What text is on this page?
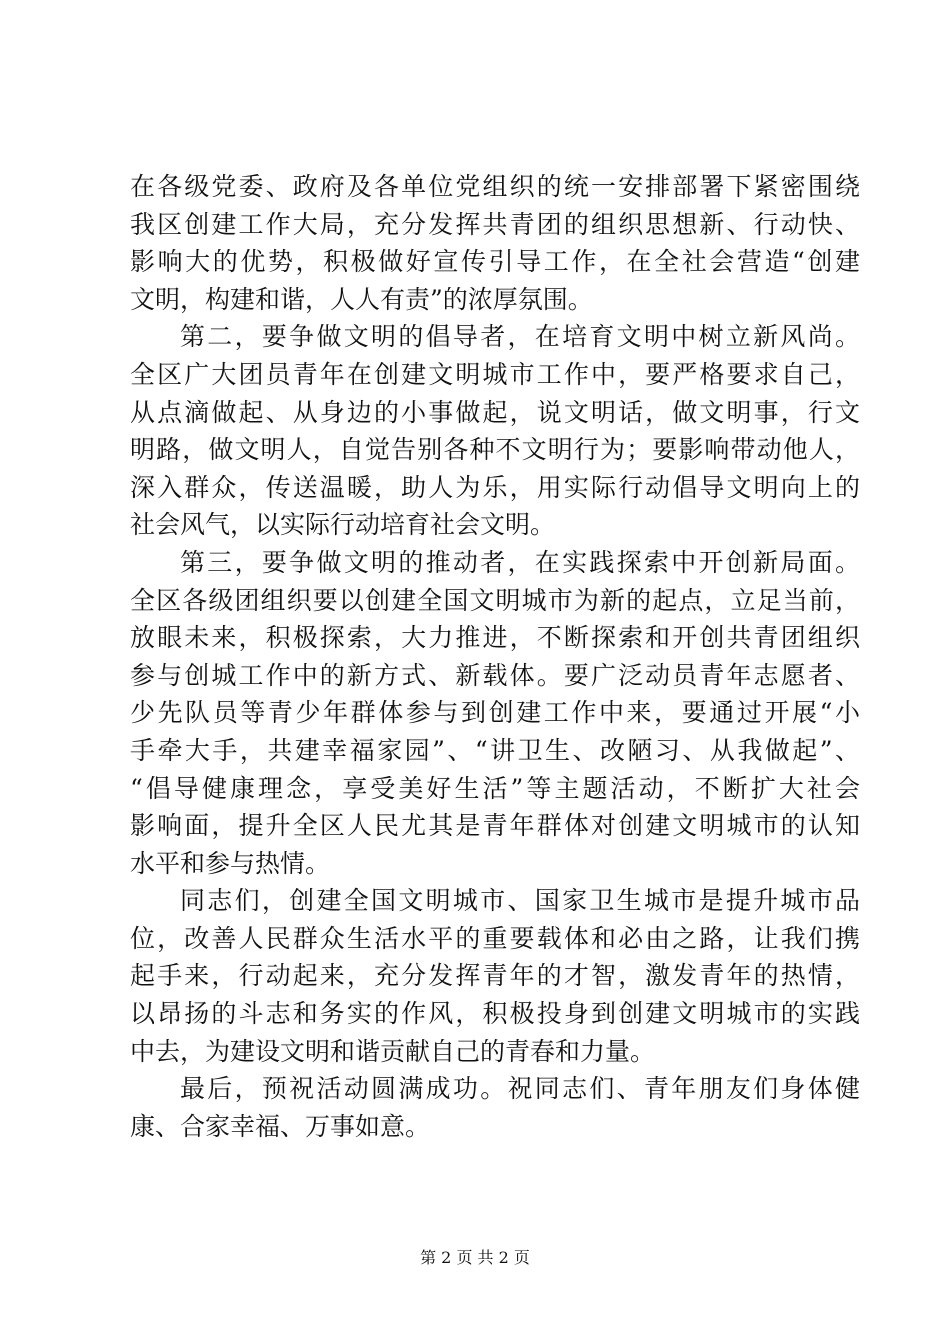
在各级党委、政府及各单位党组织的统一安排部署下紧密围绕
我区创建工作大局，充分发挥共青团的组织思想新、行动快、
影响大的优势，积极做好宣传引导工作，在全社会营造“创建
文明，构建和谐，人人有责”的浓厚氛围。
第二，要争做文明的倡导者，在培育文明中树立新风尚。
全区广大团员青年在创建文明城市工作中，要严格要求自己，
从点滴做起、从身边的小事做起，说文明话，做文明事，行文
明路，做文明人，自觉告别各种不文明行为；要影响带动他人，
深入群众，传送温暖，助人为乐，用实际行动倡导文明向上的
社会风气，以实际行动培育社会文明。
第三，要争做文明的推动者，在实践探索中开创新局面。
全区各级团组织要以创建全国文明城市为新的起点，立足当前，
放眼未来，积极探索，大力推进，不断探索和开创共青团组织
参与创城工作中的新方式、新载体。要广泛动员青年志愿者、
少先队员等青少年群体参与到创建工作中来，要通过开展“小
手牵大手，共建幸福家园”、“讲卫生、改陋习、从我做起”、
“倡导健康理念，享受美好生活”等主题活动，不断扩大社会
影响面，提升全区人民尤其是青年群体对创建文明城市的认知
水平和参与热情。
同志们，创建全国文明城市、国家卫生城市是提升城市品
位，改善人民群众生活水平的重要载体和必由之路，让我们携
起手来，行动起来，充分发挥青年的才智，激发青年的热情，
以昂扬的斗志和务实的作风，积极投身到创建文明城市的实践
中去，为建设文明和谐贡献自己的青春和力量。
最后，预祝活动圆满成功。祝同志们、青年朋友们身体健
康、合家幸福、万事如意。
第 2 页 共 2 页
